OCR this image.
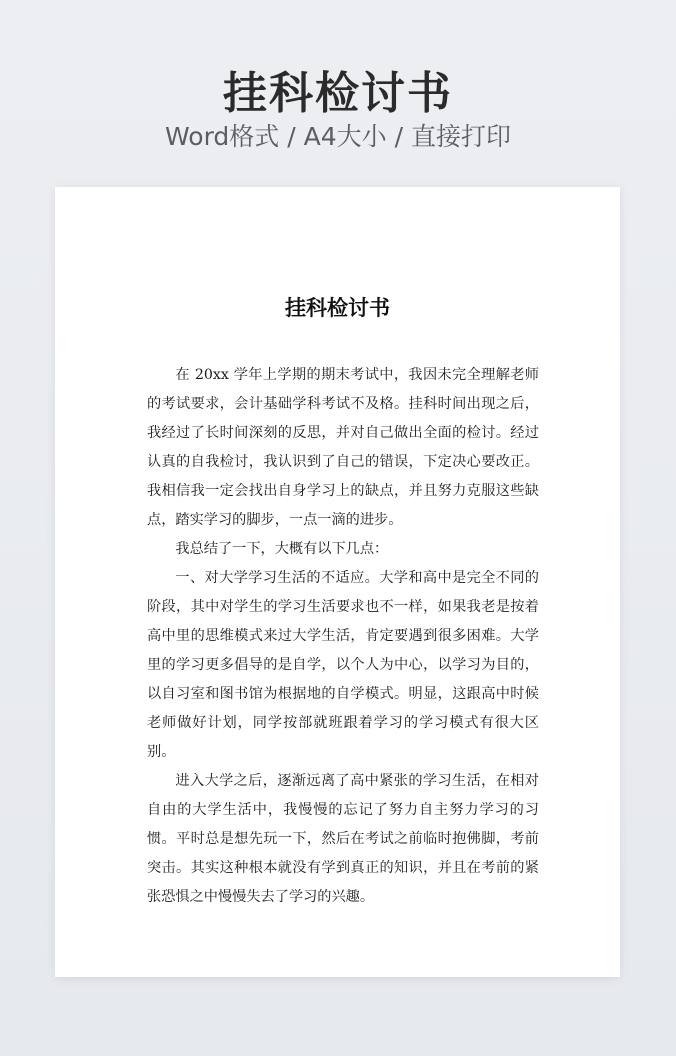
挂科检讨书
Word格式 / A4大小 / 直接打印
挂科检讨书

在 20xx 学年上学期的期末考试中，我因未完全理解老师的考试要求，会计基础学科考试不及格。挂科时间出现之后，我经过了长时间深刻的反思，并对自己做出全面的检讨。经过认真的自我检讨，我认识到了自己的错误，下定决心要改正。我相信我一定会找出自身学习上的缺点，并且努力克服这些缺点，踏实学习的脚步，一点一滴的进步。

我总结了一下，大概有以下几点：

一、对大学学习生活的不适应。大学和高中是完全不同的阶段，其中对学生的学习生活要求也不一样，如果我老是按着高中里的思维模式来过大学生活，肯定要遇到很多困难。大学里的学习更多倡导的是自学，以个人为中心，以学习为目的，以自习室和图书馆为根据地的自学模式。明显，这跟高中时候老师做好计划，同学按部就班跟着学习的学习模式有很大区别。

进入大学之后，逐渐远离了高中紧张的学习生活，在相对自由的大学生活中，我慢慢的忘记了努力自主努力学习的习惯。平时总是想先玩一下，然后在考试之前临时抱佛脚，考前突击。其实这种根本就没有学到真正的知识，并且在考前的紧张恐惧之中慢慢失去了学习的兴趣。
